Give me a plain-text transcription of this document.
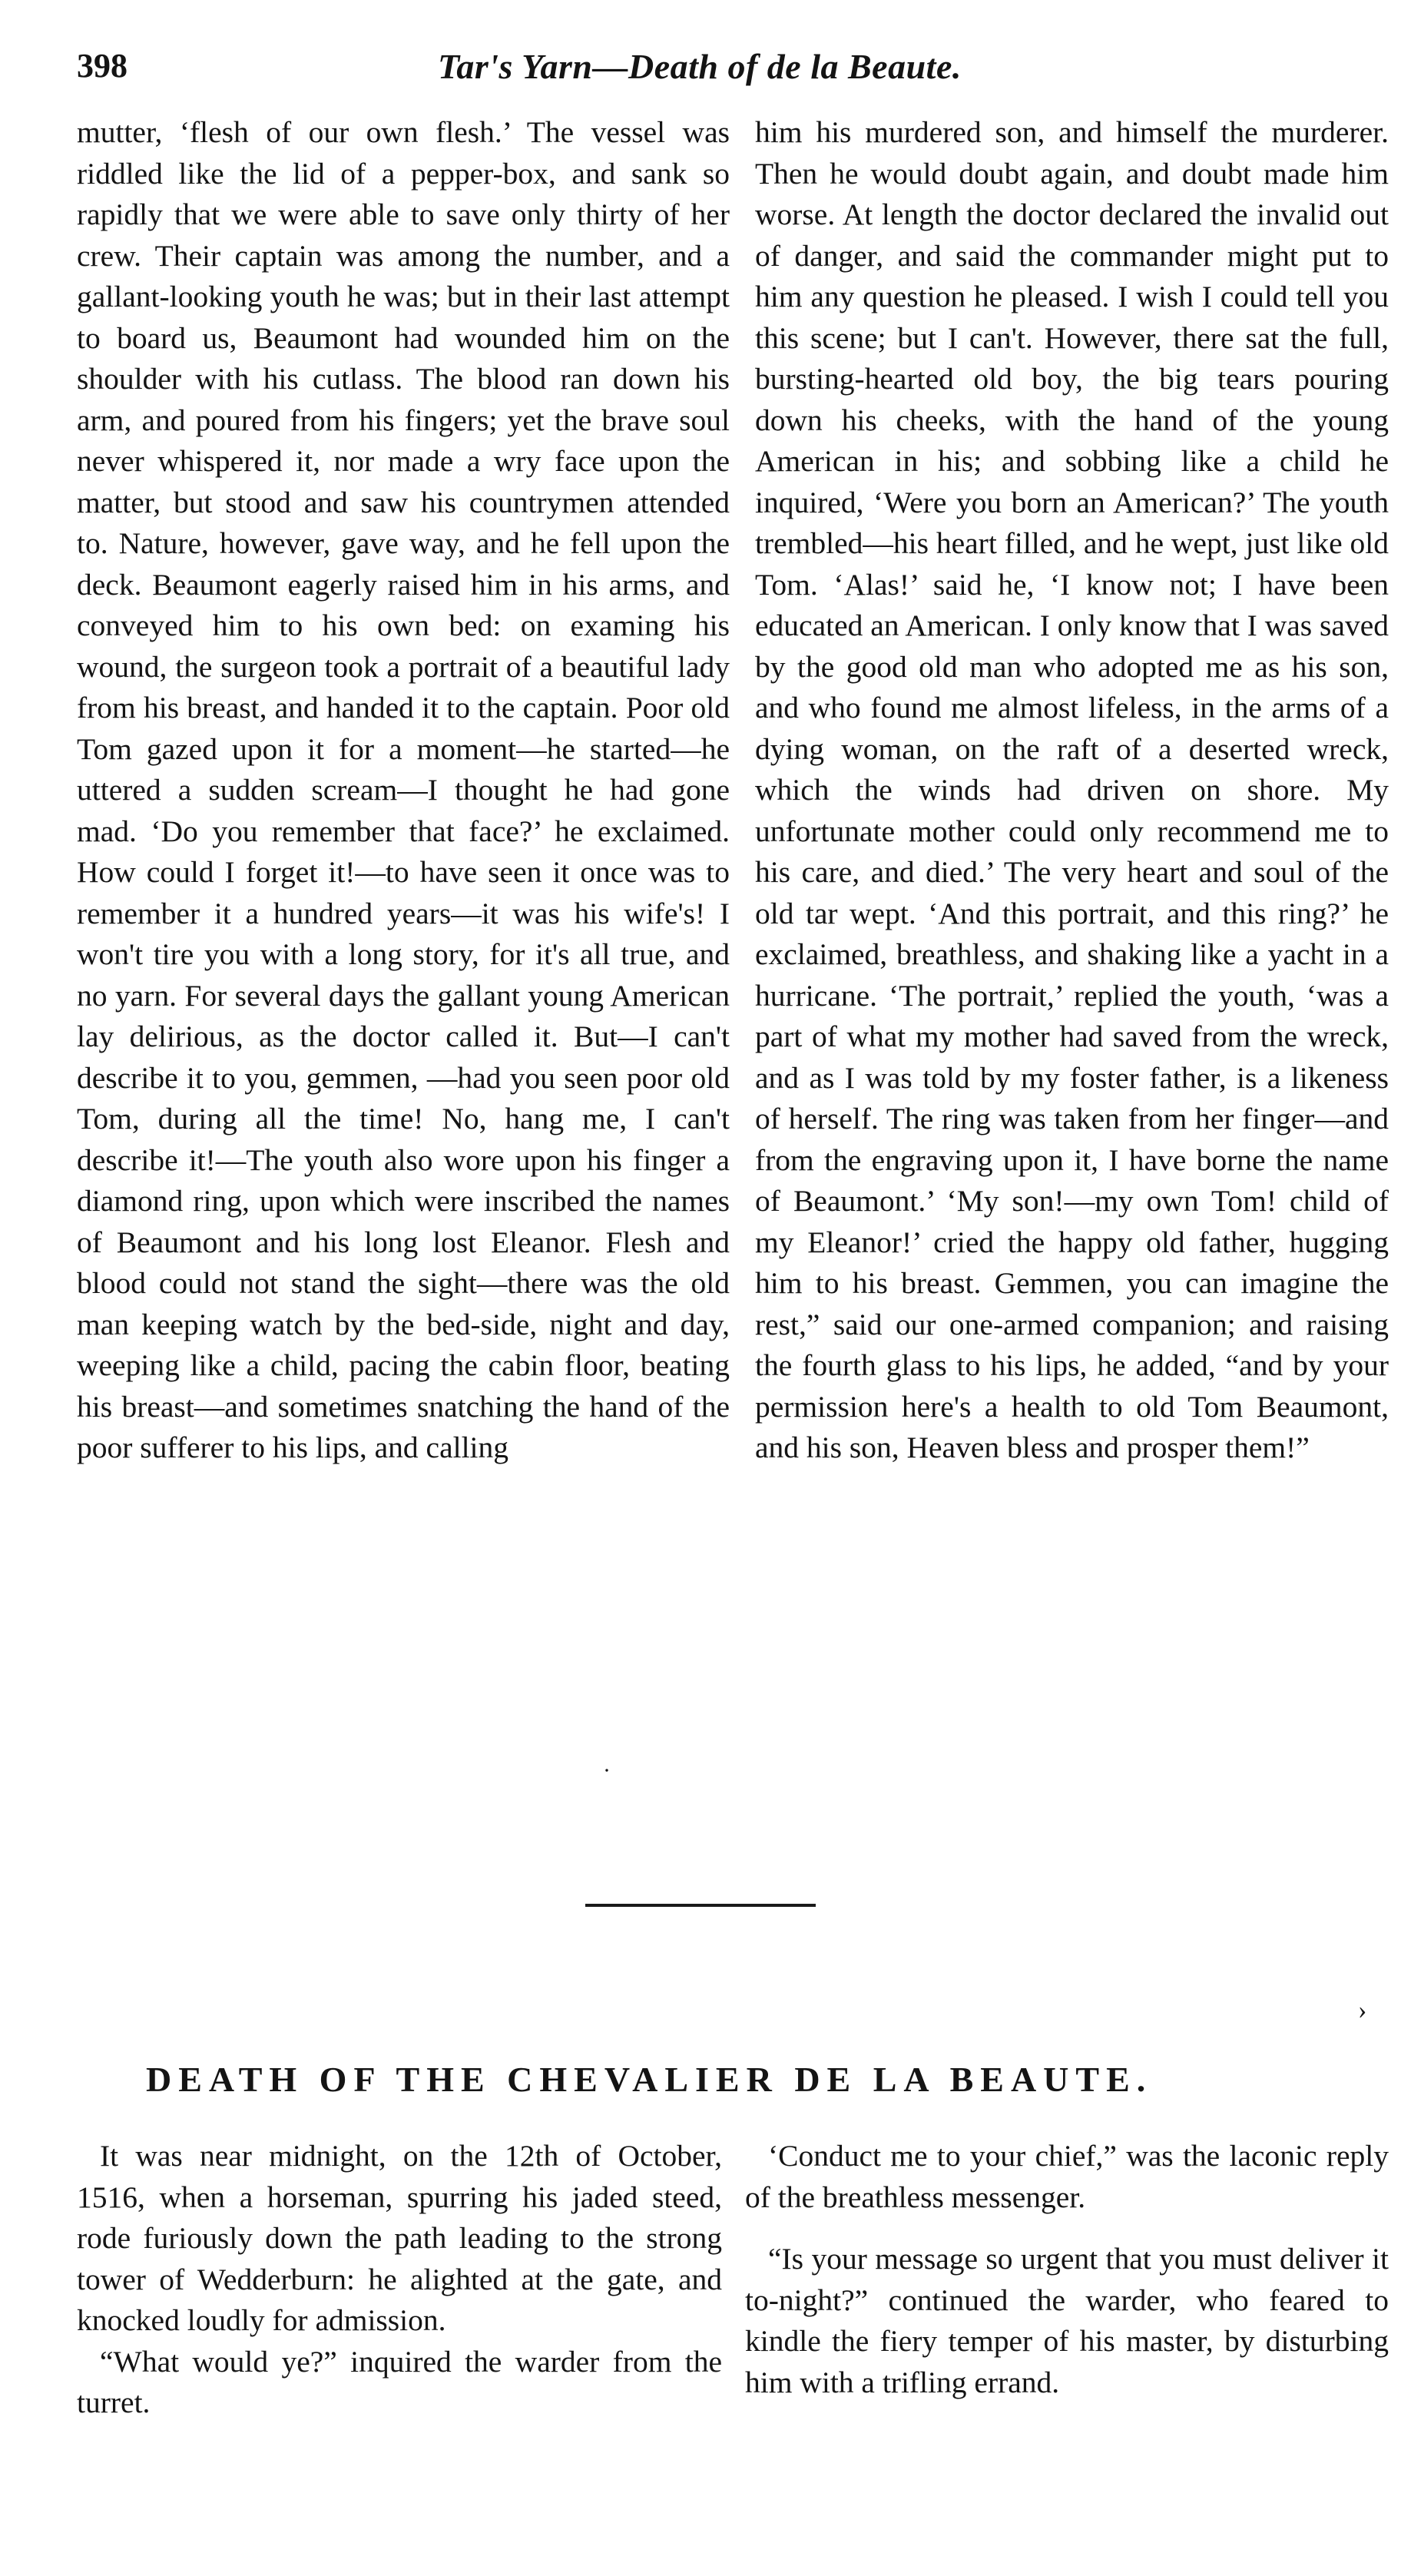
398	Tar's Yarn—Death of de la Beaute.

mutter, ‘flesh of our own flesh.’ The vessel was riddled like the lid of a pepper-box, and sank so rapidly that we were able to save only thirty of her crew. Their captain was among the number, and a gallant-looking youth he was; but in their last attempt to board us, Beaumont had wounded him on the shoulder with his cutlass. The blood ran down his arm, and poured from his fingers; yet the brave soul never whispered it, nor made a wry face upon the matter, but stood and saw his countrymen attended to. Nature, however, gave way, and he fell upon the deck. Beaumont eagerly raised him in his arms, and conveyed him to his own bed: on examing his wound, the surgeon took a portrait of a beautiful lady from his breast, and handed it to the captain. Poor old Tom gazed upon it for a moment—he started—he uttered a sudden scream—I thought he had gone mad. ‘Do you remember that face?’ he exclaimed. How could I forget it!—to have seen it once was to remember it a hundred years—it was his wife's! I won't tire you with a long story, for it's all true, and no yarn. For several days the gallant young American lay delirious, as the doctor called it. But—I can't describe it to you, gemmen, —had you seen poor old Tom, during all the time! No, hang me, I can't describe it!—The youth also wore upon his finger a diamond ring, upon which were inscribed the names of Beaumont and his long lost Eleanor. Flesh and blood could not stand the sight—there was the old man keeping watch by the bed-side, night and day, weeping like a child, pacing the cabin floor, beating his breast—and sometimes snatching the hand of the poor sufferer to his lips, and calling

him his murdered son, and himself the murderer. Then he would doubt again, and doubt made him worse. At length the doctor declared the invalid out of danger, and said the commander might put to him any question he pleased. I wish I could tell you this scene; but I can't. However, there sat the full, bursting-hearted old boy, the big tears pouring down his cheeks, with the hand of the young American in his; and sobbing like a child he inquired, ‘Were you born an American?’ The youth trembled—his heart filled, and he wept, just like old Tom. ‘Alas!’ said he, ‘I know not; I have been educated an American. I only know that I was saved by the good old man who adopted me as his son, and who found me almost lifeless, in the arms of a dying woman, on the raft of a deserted wreck, which the winds had driven on shore. My unfortunate mother could only recommend me to his care, and died.’ The very heart and soul of the old tar wept. ‘And this portrait, and this ring?’ he exclaimed, breathless, and shaking like a yacht in a hurricane. ‘The portrait,’ replied the youth, ‘was a part of what my mother had saved from the wreck, and as I was told by my foster father, is a likeness of herself. The ring was taken from her finger—and from the engraving upon it, I have borne the name of Beaumont.’ ‘My son!—my own Tom! child of my Eleanor!’ cried the happy old father, hugging him to his breast. Gemmen, you can imagine the rest,” said our one-armed companion; and raising the fourth glass to his lips, he added, “and by your permission here's a health to old Tom Beaumont, and his son, Heaven bless and prosper them!”

·
›
DEATH OF THE CHEVALIER DE LA BEAUTE.

It was near midnight, on the 12th of October, 1516, when a horseman, spurring his jaded steed, rode furiously down the path leading to the strong tower of Wedderburn: he alighted at the gate, and knocked loudly for admission.

“What would ye?” inquired the warder from the turret.

‘Conduct me to your chief,” was the laconic reply of the breathless messenger.

“Is your message so urgent that you must deliver it to-night?” continued the warder, who feared to kindle the fiery temper of his master, by disturbing him with a trifling errand.
